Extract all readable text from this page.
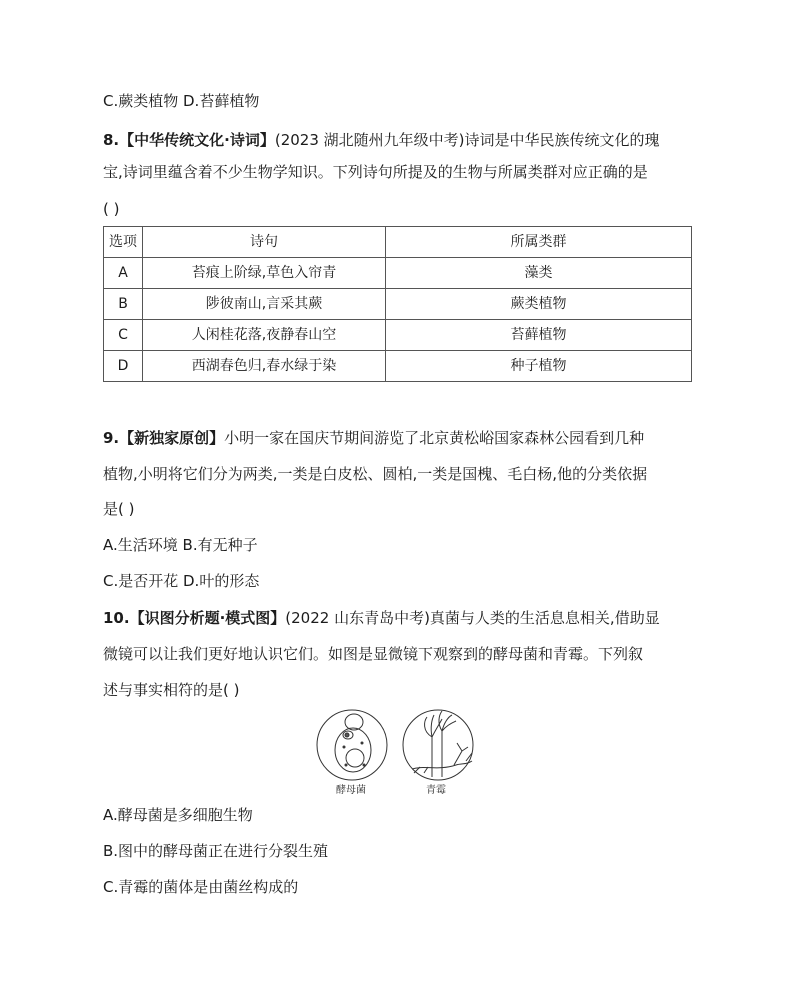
C.蕨类植物 D.苔藓植物
8.【中华传统文化·诗词】(2023 湖北随州九年级中考)诗词是中华民族传统文化的瑰
宝,诗词里蕴含着不少生物学知识。下列诗句所提及的生物与所属类群对应正确的是
( )
选项	诗句	所属类群
A	苔痕上阶绿,草色入帘青	藻类
B	陟彼南山,言采其蕨	蕨类植物
C	人闲桂花落,夜静春山空	苔藓植物
D	西湖春色归,春水绿于染	种子植物
9.【新独家原创】小明一家在国庆节期间游览了北京黄松峪国家森林公园看到几种
植物,小明将它们分为两类,一类是白皮松、圆柏,一类是国槐、毛白杨,他的分类依据
是( )
A.生活环境 B.有无种子
C.是否开花 D.叶的形态
10.【识图分析题·模式图】(2022 山东青岛中考)真菌与人类的生活息息相关,借助显
微镜可以让我们更好地认识它们。如图是显微镜下观察到的酵母菌和青霉。下列叙
述与事实相符的是( )
酵母菌	青霉
A.酵母菌是多细胞生物
B.图中的酵母菌正在进行分裂生殖
C.青霉的菌体是由菌丝构成的
